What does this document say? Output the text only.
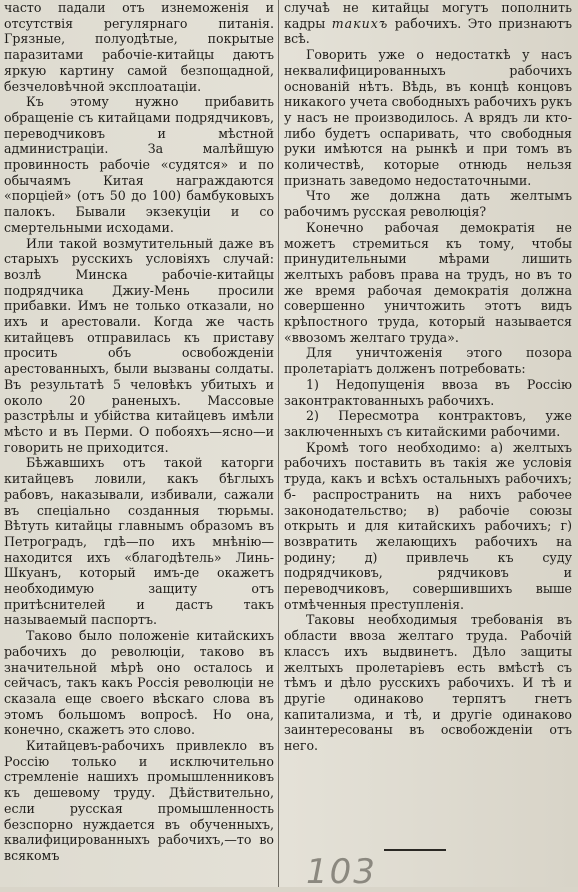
часто падали отъ изнеможенія и отсутствія регулярнаго питанія. Грязные, полуодѣтые, покрытые паразитами рабочіе-китайцы даютъ яркую картину самой безпощадной, безчеловѣчной эксплоатаціи.

Къ этому нужно прибавить обращеніе съ китайцами подрядчиковъ, переводчиковъ и мѣстной администраціи. За малѣйшую провинность рабочіе «судятся» и по обычаямъ Китая награждаются «порціей» (отъ 50 до 100) бамбуковыхъ палокъ. Бывали экзекуціи и со смертельными исходами.

Или такой возмутительный даже въ старыхъ русскихъ условіяхъ случай: возлѣ Минска рабочіе-китайцы подрядчика Джиу-Мень просили прибавки. Имъ не только отказали, но ихъ и арестовали. Когда же часть китайцевъ отправилась къ приставу просить объ освобожденіи арестованныхъ, были вызваны солдаты. Въ результатѣ 5 человѣкъ убитыхъ и около 20 раненыхъ. Массовые разстрѣлы и убійства китайцевъ имѣли мѣсто и въ Перми. О побояхъ—ясно—и говорить не приходится.

Бѣжавшихъ отъ такой каторги китайцевъ ловили, какъ бѣглыхъ рабовъ, наказывали, избивали, сажали въ спеціально созданныя тюрьмы. Вѣтуть китайцы главнымъ образомъ въ Петроградъ, гдѣ—по ихъ мнѣнію—находится ихъ «благодѣтель» Линь-Шкуанъ, который имъ-де окажетъ необходимую защиту отъ притѣснителей и дастъ такъ называемый паспортъ.

Таково было положеніе китайскихъ рабочихъ до революціи, таково въ значительной мѣрѣ оно осталось и сейчасъ, такъ какъ Россія революціи не сказала еще своего вѣскаго слова въ этомъ большомъ вопросѣ. Но она, конечно, скажетъ это слово.

Китайцевъ-рабочихъ привлекло въ Россію только и исключительно стремленіе нашихъ промышленниковъ къ дешевому труду. Дѣйствительно, если русская промышленность безспорно нуждается въ обученныхъ, квалифицированныхъ рабочихъ,—то во всякомъ

случаѣ не китайцы могутъ пополнить кадры такихъ рабочихъ. Это признаютъ всѣ.

Говорить уже о недостаткѣ у насъ неквалифицированныхъ рабочихъ основаній нѣтъ. Вѣдь, въ концѣ концовъ никакого учета свободныхъ рабочихъ рукъ у насъ не производилось. А врядъ ли кто-либо будетъ оспаривать, что свободныя руки имѣются на рынкѣ и при томъ въ количествѣ, которые отнюдь нельзя признать заведомо недостаточными.

Что же должна дать желтымъ рабочимъ русская революція?

Конечно рабочая демократія не можетъ стремиться къ тому, чтобы принудительными мѣрами лишить желтыхъ рабовъ права на трудъ, но въ то же время рабочая демократія должна совершенно уничтожить этотъ видъ крѣпостного труда, который называется «ввозомъ желтаго труда».

Для уничтоженія этого позора пролетаріатъ долженъ потребовать:

1) Недопущенія ввоза въ Россію законтрактованныхъ рабочихъ.

2) Пересмотра контрактовъ, уже заключенныхъ съ китайскими рабочими.

Кромѣ того необходимо: а) желтыхъ рабочихъ поставить въ такія же условія труда, какъ и всѣхъ остальныхъ рабочихъ; б- распространить на нихъ рабочее законодательство; в) рабочіе союзы открыть и для китайскихъ рабочихъ; г) возвратить желающихъ рабочихъ на родину; д) привлечь къ суду подрядчиковъ, рядчиковъ и переводчиковъ, совершившихъ выше отмѣченныя преступленія.

Таковы необходимыя требованія въ области ввоза желтаго труда. Рабочій классъ ихъ выдвинетъ. Дѣло защиты желтыхъ пролетаріевъ есть вмѣстѣ съ тѣмъ и дѣло русскихъ рабочихъ. И тѣ и другіе одинаково терпятъ гнетъ капитализма, и тѣ, и другіе одинаково заинтересованы въ освобожденіи отъ него.

103
